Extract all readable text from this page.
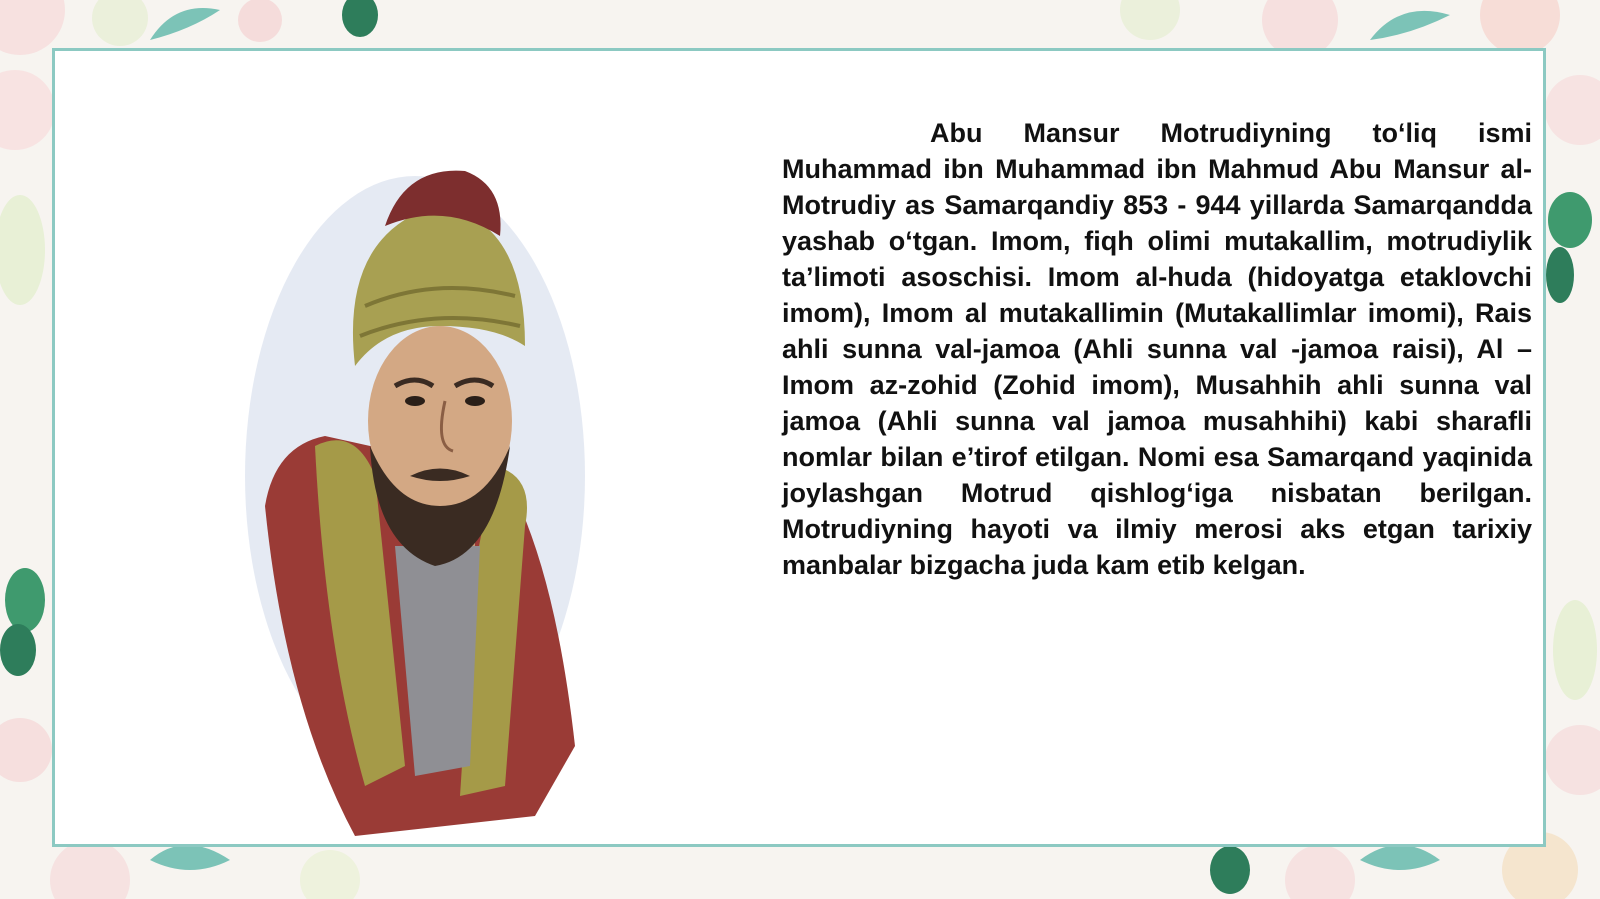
Abu Mansur Motrudiyning to‘liq ismi Muhammad ibn Muhammad ibn Mahmud Abu Mansur al-Motrudiy as Samarqandiy 853 - 944 yillarda Samarqandda yashab o‘tgan. Imom, fiqh olimi mutakallim, motrudiylik ta’limoti asoschisi. Imom al-huda (hidoyatga etaklovchi imom), Imom al mutakallimin (Mutakallimlar imomi), Rais ahli sunna val-jamoa (Ahli sunna val -jamoa raisi), Al –Imom az-zohid (Zohid imom), Musahhih ahli sunna val jamoa (Ahli sunna val jamoa musahhihi) kabi sharafli nomlar bilan e’tirof etilgan. Nomi esa Samarqand yaqinida joylashgan Motrud qishlog‘iga nisbatan berilgan. Motrudiyning hayoti va ilmiy merosi aks etgan tarixiy manbalar bizgacha juda kam etib kelgan.
